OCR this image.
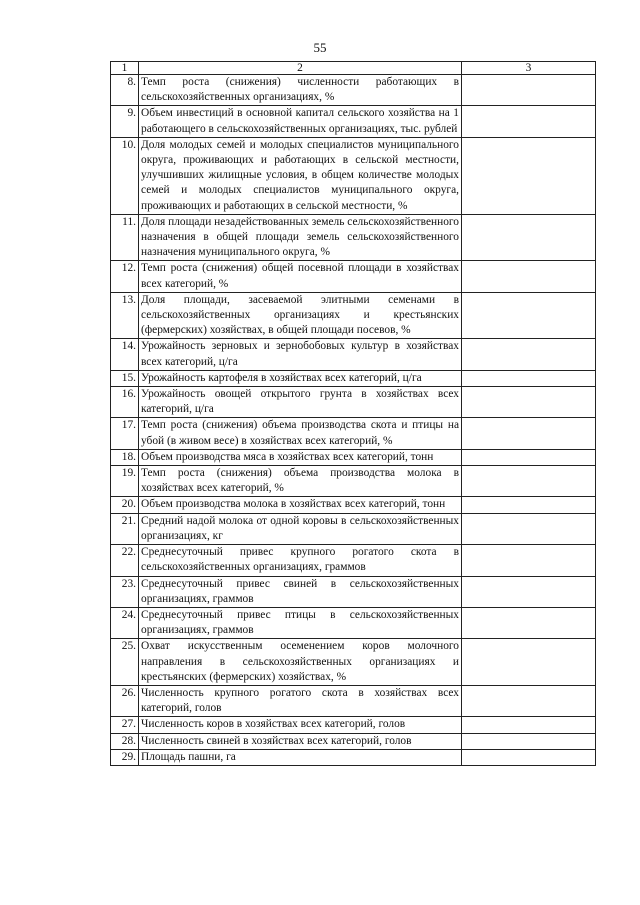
55
1	2	3
8.	Темп роста (снижения) численности работающих в сельскохозяйственных организациях, %	
9.	Объем инвестиций в основной капитал сельского хозяйства на 1 работающего в сельскохозяйственных организациях, тыс. рублей	
10.	Доля молодых семей и молодых специалистов муниципального округа, проживающих и работающих в сельской местности, улучшивших жилищные условия, в общем количестве молодых семей и молодых специалистов муниципального округа, проживающих и работающих в сельской местности, %	
11.	Доля площади незадействованных земель сельскохозяйственного назначения в общей площади земель сельскохозяйственного назначения муниципального округа, %	
12.	Темп роста (снижения) общей посевной площади в хозяйствах всех категорий, %	
13.	Доля площади, засеваемой элитными семенами в сельскохозяйственных организациях и крестьянских (фермерских) хозяйствах, в общей площади посевов, %	
14.	Урожайность зерновых и зернобобовых культур в хозяйствах всех категорий, ц/га	
15.	Урожайность картофеля в хозяйствах всех категорий, ц/га	
16.	Урожайность овощей открытого грунта в хозяйствах всех категорий, ц/га	
17.	Темп роста (снижения) объема производства скота и птицы на убой (в живом весе) в хозяйствах всех категорий, %	
18.	Объем производства мяса в хозяйствах всех категорий, тонн	
19.	Темп роста (снижения) объема производства молока в хозяйствах всех категорий, %	
20.	Объем производства молока в хозяйствах всех категорий, тонн	
21.	Средний надой молока от одной коровы в сельскохозяйственных организациях, кг	
22.	Среднесуточный привес крупного рогатого скота в сельскохозяйственных организациях, граммов	
23.	Среднесуточный привес свиней в сельскохозяйственных организациях, граммов	
24.	Среднесуточный привес птицы в сельскохозяйственных организациях, граммов	
25.	Охват искусственным осеменением коров молочного направления в сельскохозяйственных организациях и крестьянских (фермерских) хозяйствах, %	
26.	Численность крупного рогатого скота в хозяйствах всех категорий, голов	
27.	Численность коров в хозяйствах всех категорий, голов	
28.	Численность свиней в хозяйствах всех категорий, голов	
29.	Площадь пашни, га	
